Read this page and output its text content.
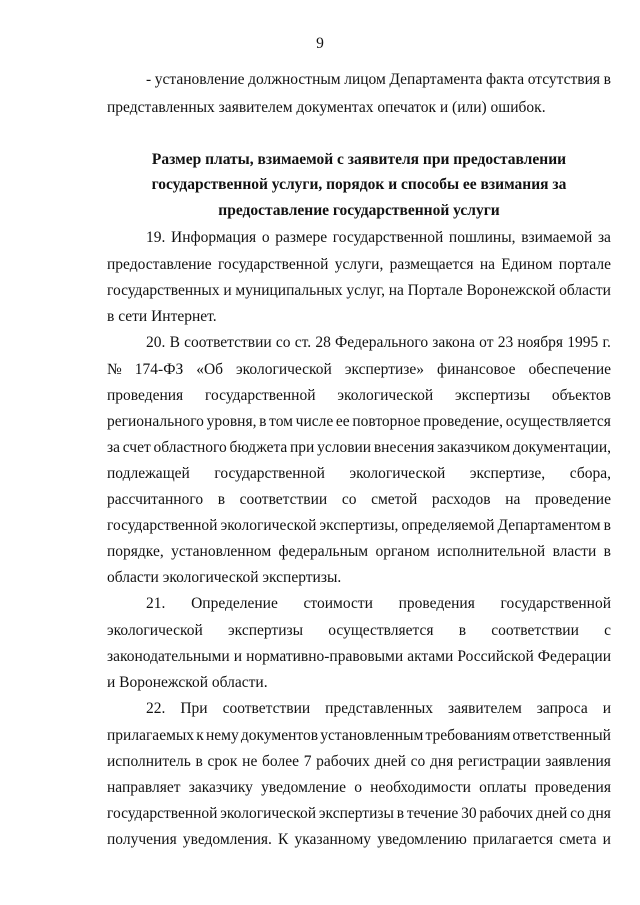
9
- установление должностным лицом Департамента факта отсутствия в
представленных заявителем документах опечаток и (или) ошибок.
Размер платы, взимаемой с заявителя при предоставлении
государственной услуги, порядок и способы ее взимания за
предоставление государственной услуги
19. Информация о размере государственной пошлины, взимаемой за
предоставление государственной услуги, размещается на Едином портале
государственных и муниципальных услуг, на Портале Воронежской области
в сети Интернет.
20. В соответствии со ст. 28 Федерального закона от 23 ноября 1995 г.
№ 174-ФЗ «Об экологической экспертизе» финансовое обеспечение
проведения государственной экологической экспертизы объектов
регионального уровня, в том числе ее повторное проведение, осуществляется
за счет областного бюджета при условии внесения заказчиком документации,
подлежащей государственной экологической экспертизе, сбора,
рассчитанного в соответствии со сметой расходов на проведение
государственной экологической экспертизы, определяемой Департаментом в
порядке, установленном федеральным органом исполнительной власти в
области экологической экспертизы.
21. Определение стоимости проведения государственной
экологической экспертизы осуществляется в соответствии с
законодательными и нормативно-правовыми актами Российской Федерации
и Воронежской области.
22. При соответствии представленных заявителем запроса и
прилагаемых к нему документов установленным требованиям ответственный
исполнитель в срок не более 7 рабочих дней со дня регистрации заявления
направляет заказчику уведомление о необходимости оплаты проведения
государственной экологической экспертизы в течение 30 рабочих дней со дня
получения уведомления. К указанному уведомлению прилагается смета и
